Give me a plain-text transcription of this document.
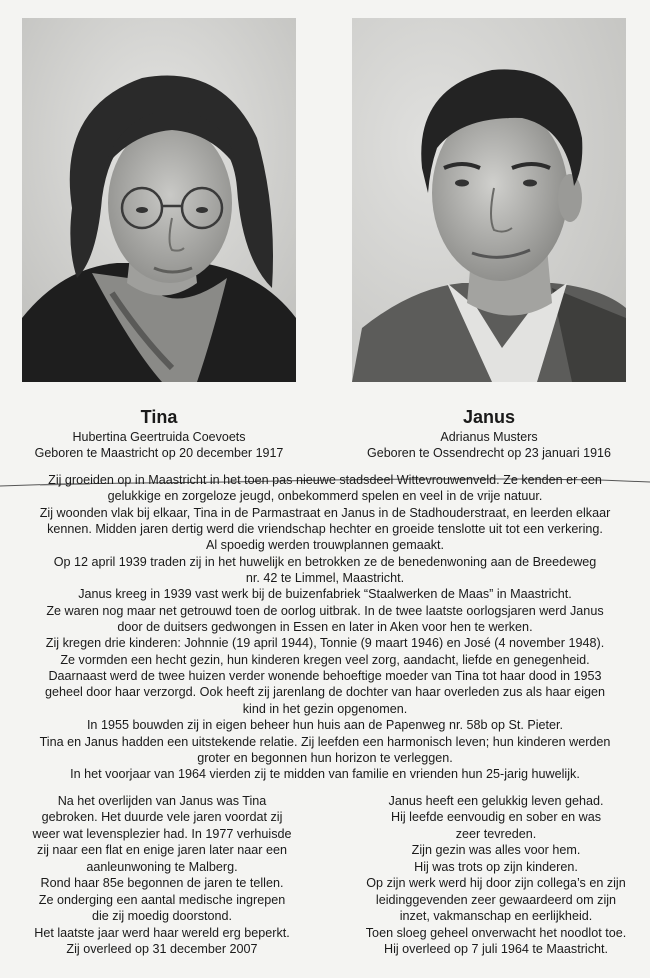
Tina
Hubertina Geertruida Coevoets
Geboren te Maastricht op 20 december 1917
Janus
Adrianus Musters
Geboren te Ossendrecht op 23 januari 1916

Zij groeiden op in Maastricht in het toen pas nieuwe stadsdeel Wittevrouwenveld. Ze kenden er een

gelukkige en zorgeloze jeugd, onbekommerd spelen en veel in de vrije natuur.

Zij woonden vlak bij elkaar, Tina in de Parmastraat en Janus in de Stadhouderstraat, en leerden elkaar

kennen. Midden jaren dertig werd die vriendschap hechter en groeide tenslotte uit tot een verkering.

Al spoedig werden trouwplannen gemaakt.

Op 12 april 1939 traden zij in het huwelijk en betrokken ze de benedenwoning aan de Breedeweg

nr. 42 te Limmel, Maastricht.

Janus kreeg in 1939 vast werk bij de buizenfabriek “Staalwerken de Maas” in Maastricht.

Ze waren nog maar net getrouwd toen de oorlog uitbrak. In de twee laatste oorlogsjaren werd Janus

door de duitsers gedwongen in Essen en later in Aken voor hen te werken.

Zij kregen drie kinderen: Johnnie (19 april 1944), Tonnie (9 maart 1946) en José (4 november 1948).

Ze vormden een hecht gezin, hun kinderen kregen veel zorg, aandacht, liefde en genegenheid.

Daarnaast werd de twee huizen verder wonende behoeftige moeder van Tina tot haar dood in 1953

geheel door haar verzorgd. Ook heeft zij jarenlang de dochter van haar overleden zus als haar eigen

kind in het gezin opgenomen.

In 1955 bouwden zij in eigen beheer hun huis aan de Papenweg nr. 58b op St. Pieter.

Tina en Janus hadden een uitstekende relatie. Zij leefden een harmonisch leven; hun kinderen werden

groter en begonnen hun horizon te verleggen.

In het voorjaar van 1964 vierden zij te midden van familie en vrienden hun 25-jarig huwelijk.

Na het overlijden van Janus was Tina

gebroken. Het duurde vele jaren voordat zij

weer wat levensplezier had. In 1977 verhuisde

zij naar een flat en enige jaren later naar een

aanleunwoning te Malberg.

Rond haar 85e begonnen de jaren te tellen.

Ze onderging een aantal medische ingrepen

die zij moedig doorstond.

Het laatste jaar werd haar wereld erg beperkt.

Zij overleed op 31 december 2007

Janus heeft een gelukkig leven gehad.

Hij leefde eenvoudig en sober en was

zeer tevreden.

Zijn gezin was alles voor hem.

Hij was trots op zijn kinderen.

Op zijn werk werd hij door zijn collega’s en zijn

leidinggevenden zeer gewaardeerd om zijn

inzet, vakmanschap en eerlijkheid.

Toen sloeg geheel onverwacht het noodlot toe.

Hij overleed op 7 juli 1964 te Maastricht.
